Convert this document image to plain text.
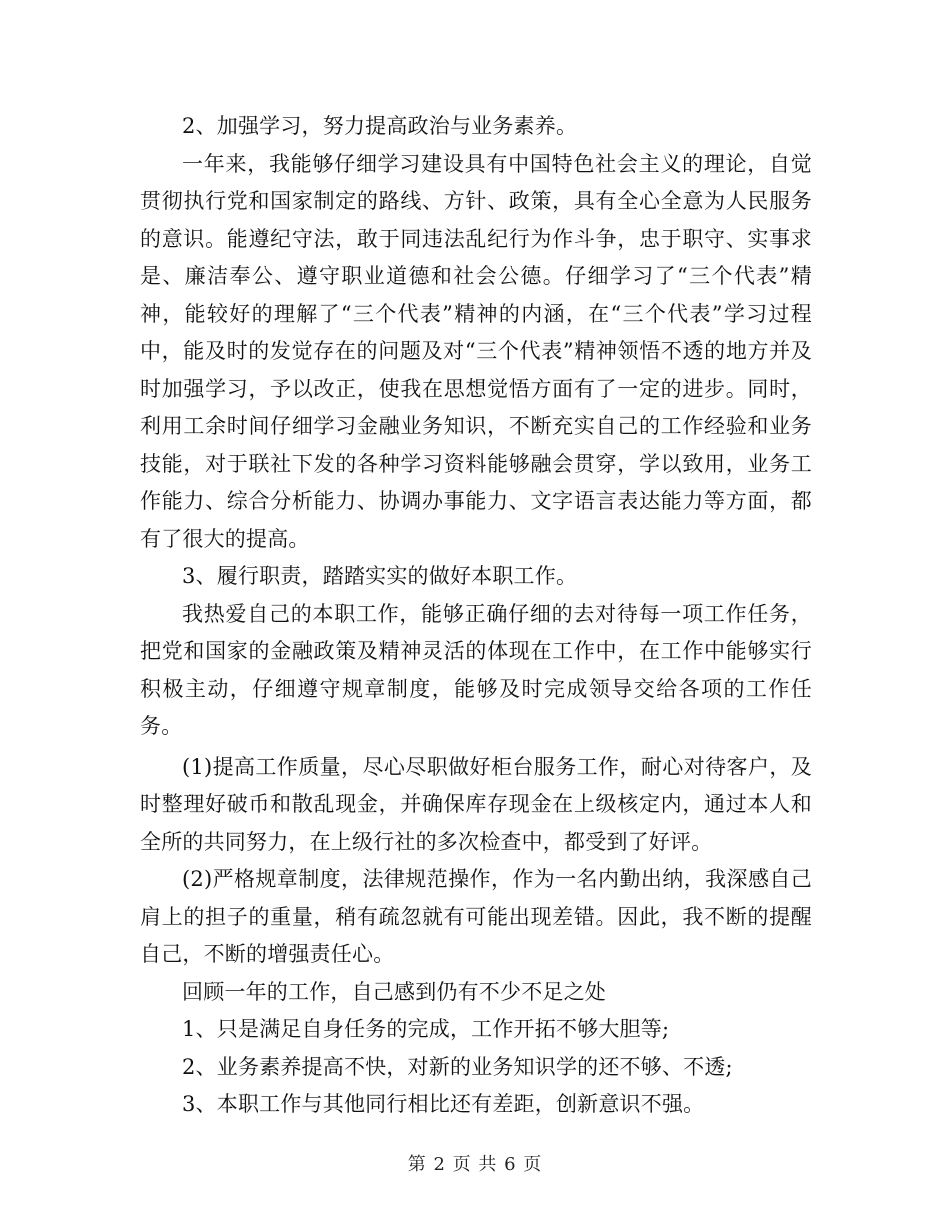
2、加强学习，努力提高政治与业务素养。

一年来，我能够仔细学习建设具有中国特色社会主义的理论，自觉贯彻执行党和国家制定的路线、方针、政策，具有全心全意为人民服务的意识。能遵纪守法，敢于同违法乱纪行为作斗争，忠于职守、实事求是、廉洁奉公、遵守职业道德和社会公德。仔细学习了“三个代表”精神，能较好的理解了“三个代表”精神的内涵，在“三个代表”学习过程中，能及时的发觉存在的问题及对“三个代表”精神领悟不透的地方并及时加强学习，予以改正，使我在思想觉悟方面有了一定的进步。同时，利用工余时间仔细学习金融业务知识，不断充实自己的工作经验和业务技能，对于联社下发的各种学习资料能够融会贯穿，学以致用，业务工作能力、综合分析能力、协调办事能力、文字语言表达能力等方面，都有了很大的提高。

3、履行职责，踏踏实实的做好本职工作。

我热爱自己的本职工作，能够正确仔细的去对待每一项工作任务，把党和国家的金融政策及精神灵活的体现在工作中，在工作中能够实行积极主动，仔细遵守规章制度，能够及时完成领导交给各项的工作任务。

(1)提高工作质量，尽心尽职做好柜台服务工作，耐心对待客户，及时整理好破币和散乱现金，并确保库存现金在上级核定内，通过本人和全所的共同努力，在上级行社的多次检查中，都受到了好评。

(2)严格规章制度，法律规范操作，作为一名内勤出纳，我深感自己肩上的担子的重量，稍有疏忽就有可能出现差错。因此，我不断的提醒自己，不断的增强责任心。

回顾一年的工作，自己感到仍有不少不足之处

1、只是满足自身任务的完成，工作开拓不够大胆等;

2、业务素养提高不快，对新的业务知识学的还不够、不透;

3、本职工作与其他同行相比还有差距，创新意识不强。

第 2 页 共 6 页
